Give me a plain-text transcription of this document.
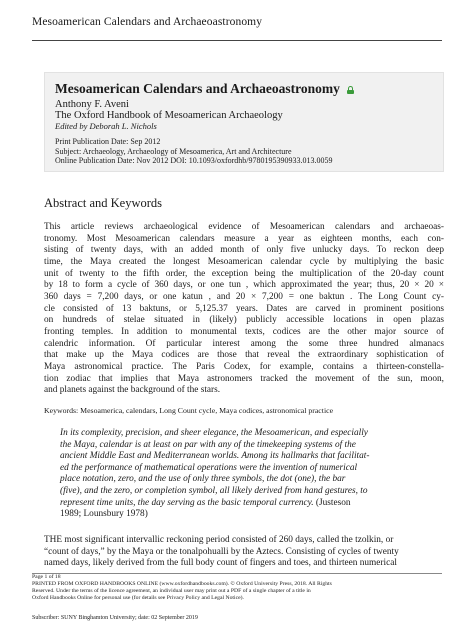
Mesoamerican Calendars and Archaeoastronomy
Mesoamerican Calendars and Archaeoastronomy
Anthony F. Aveni
The Oxford Handbook of Mesoamerican Archaeology
Edited by Deborah L. Nichols
Print Publication Date: Sep 2012
Subject: Archaeology, Archaeology of Mesoamerica, Art and Architecture
Online Publication Date: Nov 2012 DOI: 10.1093/oxfordhb/9780195390933.013.0059
Abstract and Keywords
This article reviews archaeological evidence of Mesoamerican calendars and archaeoas-
tronomy. Most Mesoamerican calendars measure a year as eighteen months, each con-
sisting of twenty days, with an added month of only five unlucky days. To reckon deep
time, the Maya created the longest Mesoamerican calendar cycle by multiplying the basic
unit of twenty to the fifth order, the exception being the multiplication of the 20-day count
by 18 to form a cycle of 360 days, or one tun , which approximated the year; thus, 20 × 20 ×
360 days = 7,200 days, or one katun , and 20 × 7,200 = one baktun . The Long Count cy-
cle consisted of 13 baktuns, or 5,125.37 years. Dates are carved in prominent positions
on hundreds of stelae situated in (likely) publicly accessible locations in open plazas
fronting temples. In addition to monumental texts, codices are the other major source of
calendric information. Of particular interest among the some three hundred almanacs
that make up the Maya codices are those that reveal the extraordinary sophistication of
Maya astronomical practice. The Paris Codex, for example, contains a thirteen-constella-
tion zodiac that implies that Maya astronomers tracked the movement of the sun, moon,
and planets against the background of the stars.
Keywords: Mesoamerica, calendars, Long Count cycle, Maya codices, astronomical practice
In its complexity, precision, and sheer elegance, the Mesoamerican, and especially
the Maya, calendar is at least on par with any of the timekeeping systems of the
ancient Middle East and Mediterranean worlds. Among its hallmarks that facilitat-
ed the performance of mathematical operations were the invention of numerical
place notation, zero, and the use of only three symbols, the dot (one), the bar
(five), and the zero, or completion symbol, all likely derived from hand gestures, to
represent time units, the day serving as the basic temporal currency. (Justeson
1989; Lounsbury 1978)
THE most significant intervallic reckoning period consisted of 260 days, called the tzolkin, or
“count of days,” by the Maya or the tonalpohualli by the Aztecs. Consisting of cycles of twenty
named days, likely derived from the full body count of fingers and toes, and thirteen numerical
Page 1 of 18
PRINTED FROM OXFORD HANDBOOKS ONLINE (www.oxfordhandbooks.com). © Oxford University Press, 2018. All Rights
Reserved. Under the terms of the licence agreement, an individual user may print out a PDF of a single chapter of a title in
Oxford Handbooks Online for personal use (for details see Privacy Policy and Legal Notice).
Subscriber: SUNY Binghamton University; date: 02 September 2019
